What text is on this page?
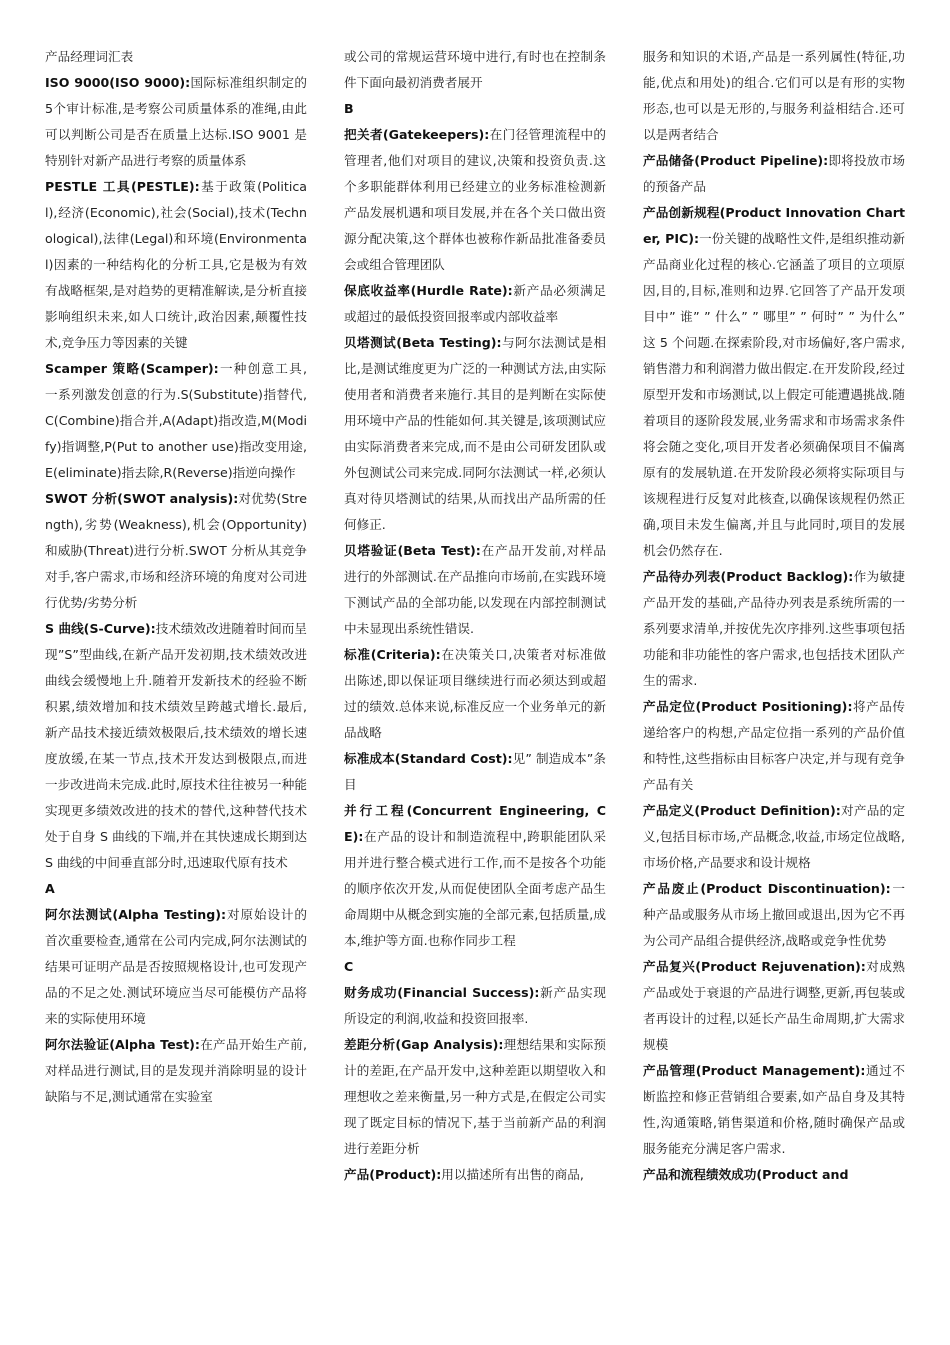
产品经理词汇表

ISO 9000(ISO 9000):国际标准组织制定的5个审计标准,是考察公司质量体系的准绳,由此可以判断公司是否在质量上达标.ISO 9001 是特别针对新产品进行考察的质量体系

PESTLE 工具(PESTLE):基于政策(Political),经济(Economic),社会(Social),技术(Technological),法律(Legal)和环境(Environmental)因素的一种结构化的分析工具,它是极为有效有战略框架,是对趋势的更精准解读,是分析直接影响组织未来,如人口统计,政治因素,颠覆性技术,竞争压力等因素的关键

Scamper 策略(Scamper):一种创意工具,一系列激发创意的行为.S(Substitute)指替代,C(Combine)指合并,A(Adapt)指改造,M(Modify)指调整,P(Put to another use)指改变用途,E(eliminate)指去除,R(Reverse)指逆向操作

SWOT 分析(SWOT analysis):对优势(Strength),劣势(Weakness),机会(Opportunity)和威胁(Threat)进行分析.SWOT 分析从其竞争对手,客户需求,市场和经济环境的角度对公司进行优势/劣势分析

S 曲线(S-Curve):技术绩效改进随着时间而呈现”S”型曲线,在新产品开发初期,技术绩效改进曲线会缓慢地上升.随着开发新技术的经验不断积累,绩效增加和技术绩效呈跨越式增长.最后,新产品技术接近绩效极限后,技术绩效的增长速度放缓,在某一节点,技术开发达到极限点,而进一步改进尚未完成.此时,原技术往往被另一种能实现更多绩效改进的技术的替代,这种替代技术处于自身 S 曲线的下端,并在其快速成长期到达 S 曲线的中间垂直部分时,迅速取代原有技术

A

阿尔法测试(Alpha Testing):对原始设计的首次重要检查,通常在公司内完成,阿尔法测试的结果可证明产品是否按照规格设计,也可发现产品的不足之处.测试环境应当尽可能模仿产品将来的实际使用环境

阿尔法验证(Alpha Test):在产品开始生产前,对样品进行测试,目的是发现并消除明显的设计缺陷与不足,测试通常在实验室

或公司的常规运营环境中进行,有时也在控制条件下面向最初消费者展开

B

把关者(Gatekeepers):在门径管理流程中的管理者,他们对项目的建议,决策和投资负责.这个多职能群体利用已经建立的业务标准检测新产品发展机遇和项目发展,并在各个关口做出资源分配决策,这个群体也被称作新品批准备委员会或组合管理团队

保底收益率(Hurdle Rate):新产品必须满足或超过的最低投资回报率或内部收益率

贝塔测试(Beta Testing):与阿尔法测试是相比,是测试维度更为广泛的一种测试方法,由实际使用者和消费者来施行.其目的是判断在实际使用环境中产品的性能如何.其关键是,该项测试应由实际消费者来完成,而不是由公司研发团队或外包测试公司来完成.同阿尔法测试一样,必须认真对待贝塔测试的结果,从而找出产品所需的任何修正.

贝塔验证(Beta Test):在产品开发前,对样品进行的外部测试.在产品推向市场前,在实践环境下测试产品的全部功能,以发现在内部控制测试中未显现出系统性错误.

标准(Criteria):在决策关口,决策者对标准做出陈述,即以保证项目继续进行而必须达到或超过的绩效.总体来说,标准反应一个业务单元的新品战略

标准成本(Standard Cost):见” 制造成本”条目

并行工程(Concurrent Engineering, CE):在产品的设计和制造流程中,跨职能团队采用并进行整合模式进行工作,而不是按各个功能的顺序依次开发,从而促使团队全面考虑产品生命周期中从概念到实施的全部元素,包括质量,成本,维护等方面.也称作同步工程

C

财务成功(Financial Success):新产品实现所设定的利润,收益和投资回报率.

差距分析(Gap Analysis):理想结果和实际预计的差距,在产品开发中,这种差距以期望收入和理想收之差来衡量,另一种方式是,在假定公司实现了既定目标的情况下,基于当前新产品的利润进行差距分析

产品(Product):用以描述所有出售的商品,

服务和知识的术语,产品是一系列属性(特征,功能,优点和用处)的组合.它们可以是有形的实物形态,也可以是无形的,与服务利益相结合.还可以是两者结合

产品储备(Product Pipeline):即将投放市场的预备产品

产品创新规程(Product Innovation Charter, PIC):一份关键的战略性文件,是组织推动新产品商业化过程的核心.它涵盖了项目的立项原因,目的,目标,准则和边界.它回答了产品开发项目中” 谁” ” 什么” ” 哪里” ” 何时” ” 为什么” 这 5 个问题.在探索阶段,对市场偏好,客户需求,销售潜力和利润潜力做出假定.在开发阶段,经过原型开发和市场测试,以上假定可能遭遇挑战.随着项目的逐阶段发展,业务需求和市场需求条件将会随之变化,项目开发者必须确保项目不偏离原有的发展轨道.在开发阶段必须将实际项目与该规程进行反复对此核查,以确保该规程仍然正确,项目未发生偏离,并且与此同时,项目的发展机会仍然存在.

产品待办列表(Product Backlog):作为敏捷产品开发的基础,产品待办列表是系统所需的一系列要求清单,并按优先次序排列.这些事项包括功能和非功能性的客户需求,也包括技术团队产生的需求.

产品定位(Product Positioning):将产品传递给客户的构想,产品定位指一系列的产品价值和特性,这些指标由目标客户决定,并与现有竞争产品有关

产品定义(Product Definition):对产品的定义,包括目标市场,产品概念,收益,市场定位战略,市场价格,产品要求和设计规格

产品废止(Product Discontinuation):一种产品或服务从市场上撤回或退出,因为它不再为公司产品组合提供经济,战略或竞争性优势

产品复兴(Product Rejuvenation):对成熟产品或处于衰退的产品进行调整,更新,再包装或者再设计的过程,以延长产品生命周期,扩大需求规模

产品管理(Product Management):通过不断监控和修正营销组合要素,如产品自身及其特性,沟通策略,销售渠道和价格,随时确保产品或服务能充分满足客户需求.

产品和流程绩效成功(Product and
